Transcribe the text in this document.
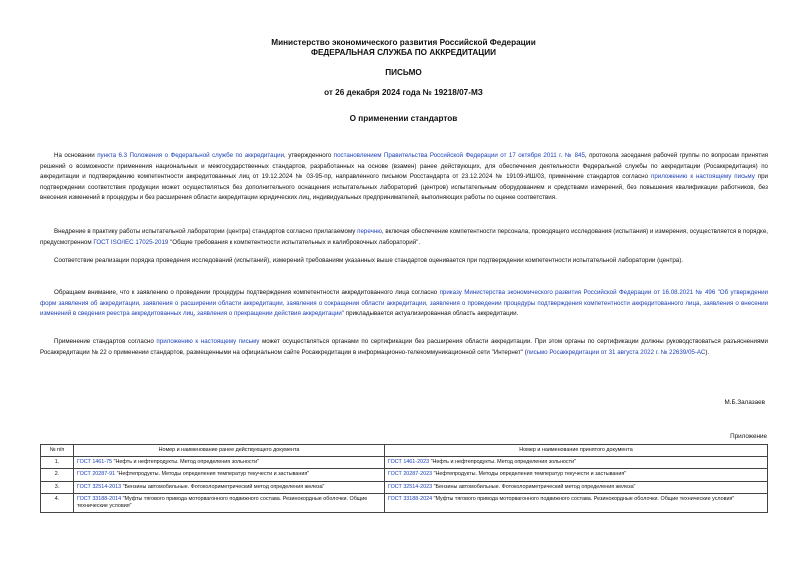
Министерство экономического развития Российской Федерации
ФЕДЕРАЛЬНАЯ СЛУЖБА ПО АККРЕДИТАЦИИ
ПИСЬМО
от 26 декабря 2024 года № 19218/07-МЗ
О применении стандартов
На основании пункта 6.3 Положения о Федеральной службе по аккредитации, утвержденного постановлением Правительства Российской Федерации от 17 октября 2011 г. № 845, протокола заседания рабочей группы по вопросам принятия решений о возможности применения национальных и межгосударственных стандартов, разработанных на основе (взамен) ранее действующих, для обеспечения деятельности Федеральной службы по аккредитации (Росаккредитация) по аккредитации и подтверждению компетентности аккредитованных лиц от 19.12.2024 № 03-95-пр, направленного письмом Росстандарта от 23.12.2024 № 19109-ИШ/03, применение стандартов согласно приложению к настоящему письму при подтверждении соответствия продукции может осуществляться без дополнительного оснащения испытательных лабораторий (центров) испытательным оборудованием и средствами измерений, без повышения квалификации работников, без внесения изменений в процедуры и без расширения области аккредитации юридических лиц, индивидуальных предпринимателей, выполняющих работы по оценке соответствия.
Внедрение в практику работы испытательной лаборатории (центра) стандартов согласно прилагаемому перечню, включая обеспечение компетентности персонала, проводящего исследования (испытания) и измерения, осуществляется в порядке, предусмотренном ГОСТ ISO/IEC 17025-2019 "Общие требования к компетентности испытательных и калибровочных лабораторий".
Соответствие реализации порядка проведения исследований (испытаний), измерений требованиям указанных выше стандартов оценивается при подтверждении компетентности испытательной лаборатории (центра).
Обращаем внимание, что к заявлению о проведении процедуры подтверждения компетентности аккредитованного лица согласно приказу Министерства экономического развития Российской Федерации от 16.08.2021 № 496 "Об утверждении форм заявления об аккредитации, заявления о расширении области аккредитации, заявления о сокращении области аккредитации, заявления о проведении процедуры подтверждения компетентности аккредитованного лица, заявления о внесении изменений в сведения реестра аккредитованных лиц, заявления о прекращении действия аккредитации" прикладывается актуализированная область аккредитации.
Применение стандартов согласно приложению к настоящему письму может осуществляться органами по сертификации без расширения области аккредитации. При этом органы по сертификации должны руководствоваться разъяснениями Росаккредитации № 22 о применении стандартов, размещенными на официальном сайте Росаккредитации в информационно-телекоммуникационной сети "Интернет" (письмо Росаккредитации от 31 августа 2022 г. № 22639/05-АС).
М.Б.Залазаев
Приложение
№ п/п	Номер и наименование ранее действующего документа	Номер и наименование принятого документа
1.	ГОСТ 1461-75 "Нефть и нефтепродукты. Метод определения зольности"	ГОСТ 1461-2023 "Нефть и нефтепродукты. Метод определения зольности"
2.	ГОСТ 20287-91 "Нефтепродукты. Методы определения температур текучести и застывания"	ГОСТ 20287-2023 "Нефтепродукты. Методы определения температур текучести и застывания"
3.	ГОСТ 32514-2013 "Бензины автомобильные. Фотоколориметрический метод определения железа"	ГОСТ 32514-2023 "Бензины автомобильные. Фотоколориметрический метод определения железа"
4.	ГОСТ 33188-2014 "Муфты тягового привода моторвагонного подвижного состава. Резинокордные оболочки. Общие технические условия"	ГОСТ 33188-2024 "Муфты тягового привода моторвагонного подвижного состава. Резинокордные оболочки. Общие технические условия"
